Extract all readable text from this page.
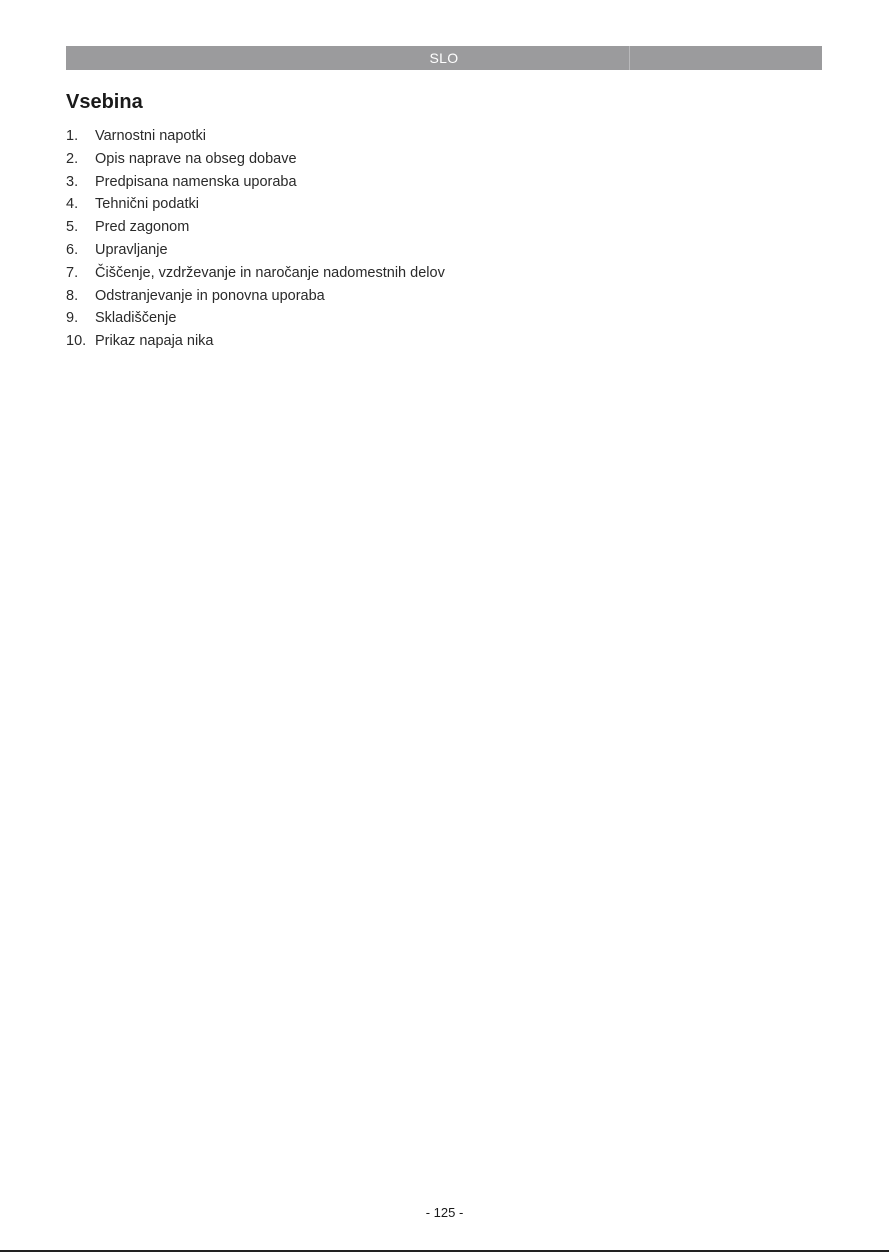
SLO
Vsebina
1.	Varnostni napotki
2.	Opis naprave na obseg dobave
3.	Predpisana namenska uporaba
4.	Tehnični podatki
5.	Pred zagonom
6.	Upravljanje
7.	Čiščenje, vzdrževanje in naročanje nadomestnih delov
8.	Odstranjevanje in ponovna uporaba
9.	Skladiščenje
10. Prikaz napaja nika
- 125 -
